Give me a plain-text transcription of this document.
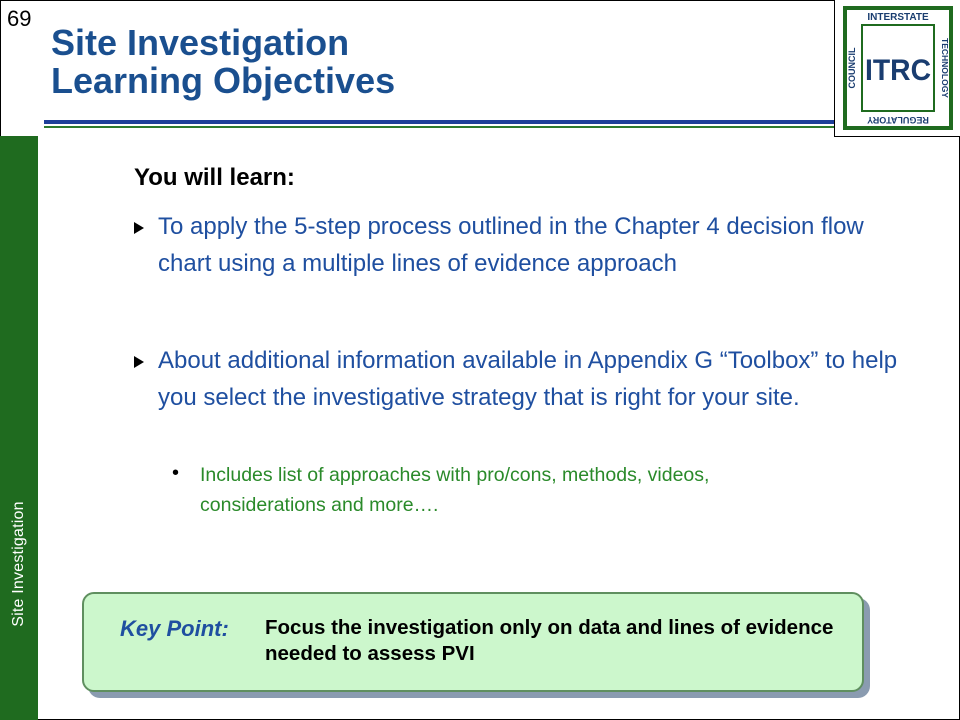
Site Investigation
69
Site Investigation
Learning Objectives
INTERSTATE
REGULATORY
COUNCIL	TECHNOLOGY
ITRC
You will learn:
To apply the 5-step process outlined in the Chapter 4 decision flow chart using a multiple lines of evidence approach
About additional information available in Appendix G “Toolbox” to help you select the investigative strategy that is right for your site.
• Includes list of approaches with pro/cons, methods, videos, considerations and more….
Key Point: Focus the investigation only on data and lines of evidence needed to assess PVI
